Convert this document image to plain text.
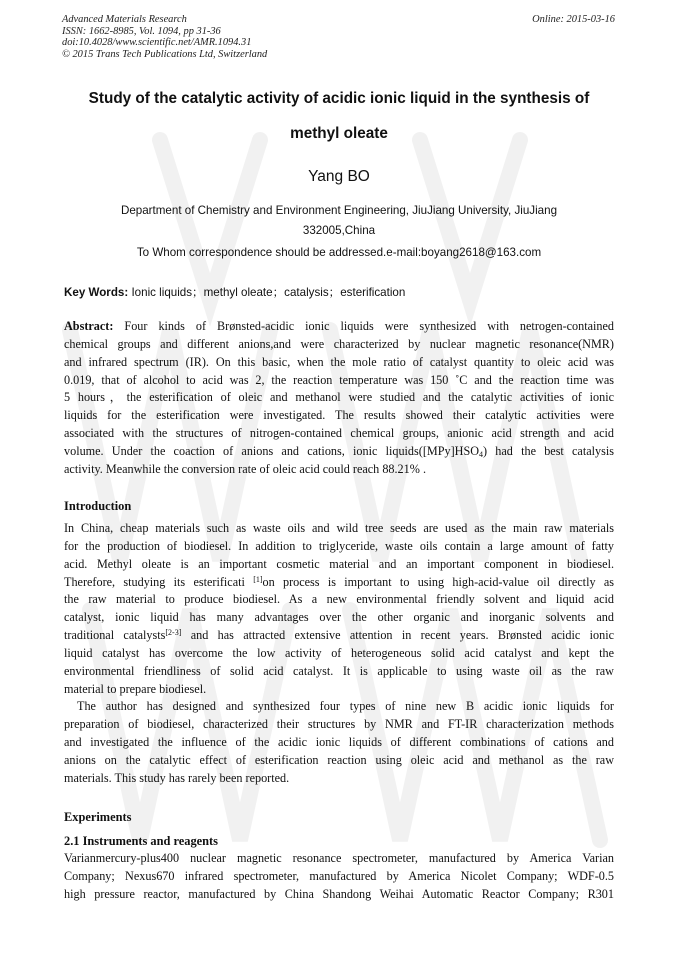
Advanced Materials Research
ISSN: 1662-8985, Vol. 1094, pp 31-36
doi:10.4028/www.scientific.net/AMR.1094.31
© 2015 Trans Tech Publications Ltd, Switzerland
Online: 2015-03-16
Study of the catalytic activity of acidic ionic liquid in the synthesis of
methyl oleate
Yang BO
Department of Chemistry and Environment Engineering, JiuJiang University, JiuJiang
332005,China
To Whom correspondence should be addressed.e-mail:boyang2618@163.com
Key Words: Ionic liquids；methyl oleate；catalysis；esterification
Abstract: Four kinds of Brønsted-acidic ionic liquids were synthesized with netrogen-contained
chemical groups and different anions,and were characterized by nuclear magnetic resonance(NMR)
and infrared spectrum (IR). On this basic, when the mole ratio of catalyst quantity to oleic acid was
0.019, that of alcohol to acid was 2, the reaction temperature was 150 ˚C and the reaction time was
5 hours，the esterification of oleic and methanol were studied and the catalytic activities of ionic
liquids for the esterification were investigated. The results showed their catalytic activities were
associated with the structures of nitrogen-contained chemical groups, anionic acid strength and acid
volume. Under the coaction of anions and cations, ionic $liquids([MPy]HSO_4)$ had the best catalysis
activity. Meanwhile the conversion rate of oleic acid could reach 88.21% .
Introduction
In China, cheap materials such as waste oils and wild tree seeds are used as the main raw materials
for the production of biodiesel. In addition to triglyceride, waste oils contain a large amount of fatty
acid. Methyl oleate is an important cosmetic material and an important component in biodiesel.
Therefore, studying its esterificati [1]on process is important to using high-acid-value oil directly as
the raw material to produce biodiesel. As a new environmental friendly solvent and liquid acid
catalyst, ionic liquid has many advantages over the other organic and inorganic solvents and
traditional catalysts[2-3] and has attracted extensive attention in recent years. Brønsted acidic ionic
liquid catalyst has overcome the low activity of heterogeneous solid acid catalyst and kept the
environmental friendliness of solid acid catalyst. It is applicable to using waste oil as the raw
material to prepare biodiesel.
The author has designed and synthesized four types of nine new B acidic ionic liquids for
preparation of biodiesel, characterized their structures by NMR and FT-IR characterization methods
and investigated the influence of the acidic ionic liquids of different combinations of cations and
anions on the catalytic effect of esterification reaction using oleic acid and methanol as the raw
materials. This study has rarely been reported.
Experiments
2.1 Instruments and reagents
Varianmercury-plus400 nuclear magnetic resonance spectrometer, manufactured by America Varian
Company; Nexus670 infrared spectrometer, manufactured by America Nicolet Company; WDF-0.5
high pressure reactor, manufactured by China Shandong Weihai Automatic Reactor Company; R301
